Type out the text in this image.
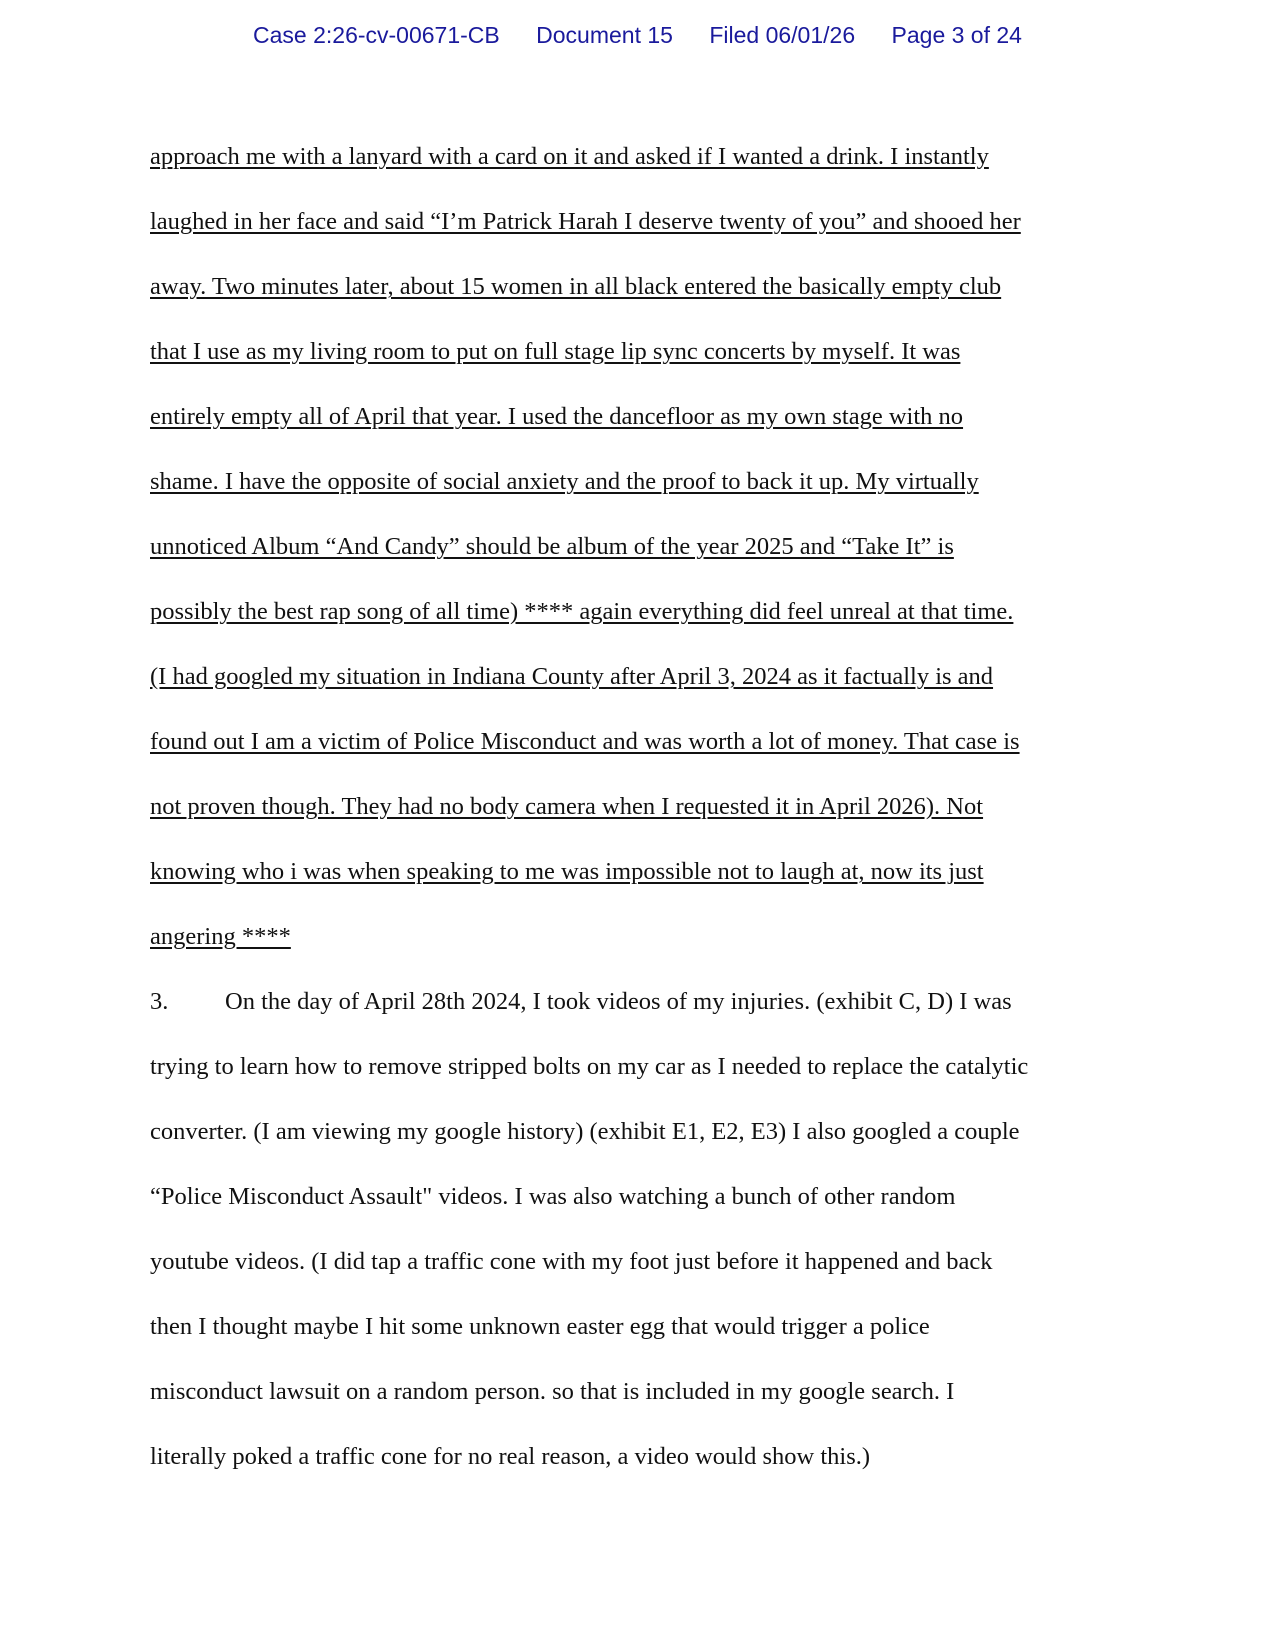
Case 2:26-cv-00671-CB Document 15 Filed 06/01/26 Page 3 of 24
approach me with a lanyard with a card on it and asked if I wanted a drink. I instantly
laughed in her face and said “I’m Patrick Harah I deserve twenty of you” and shooed her
away. Two minutes later, about 15 women in all black entered the basically empty club
that I use as my living room to put on full stage lip sync concerts by myself. It was
entirely empty all of April that year. I used the dancefloor as my own stage with no
shame. I have the opposite of social anxiety and the proof to back it up. My virtually
unnoticed Album “And Candy” should be album of the year 2025 and “Take It” is
possibly the best rap song of all time) **** again everything did feel unreal at that time.
(I had googled my situation in Indiana County after April 3, 2024 as it factually is and
found out I am a victim of Police Misconduct and was worth a lot of money. That case is
not proven though. They had no body camera when I requested it in April 2026). Not
knowing who i was when speaking to me was impossible not to laugh at, now its just
angering ****
3. On the day of April 28th 2024, I took videos of my injuries. (exhibit C, D) I was
trying to learn how to remove stripped bolts on my car as I needed to replace the catalytic
converter. (I am viewing my google history) (exhibit E1, E2, E3) I also googled a couple
“Police Misconduct Assault" videos. I was also watching a bunch of other random
youtube videos. (I did tap a traffic cone with my foot just before it happened and back
then I thought maybe I hit some unknown easter egg that would trigger a police
misconduct lawsuit on a random person. so that is included in my google search. I
literally poked a traffic cone for no real reason, a video would show this.)
